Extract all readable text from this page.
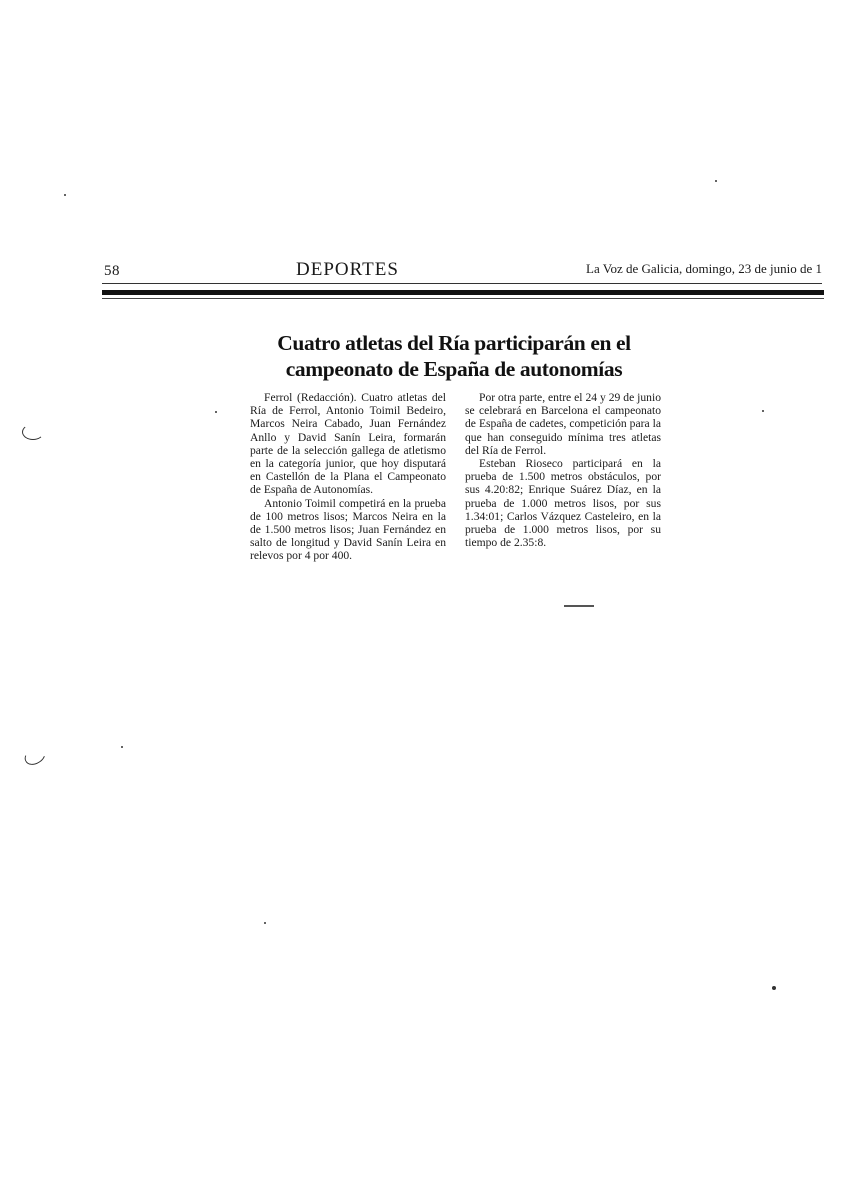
58	DEPORTES	La Voz de Galicia, domingo, 23 de junio de 1
Cuatro atletas del Ría participarán en el
campeonato de España de autonomías

Ferrol (Redacción). Cuatro atletas del Ría de Ferrol, Antonio Toimil Bedeiro, Marcos Neira Cabado, Juan Fernández Anllo y David Sanín Leira, formarán parte de la selección gallega de atletismo en la categoría junior, que hoy disputará en Castellón de la Plana el Campeonato de España de Autonomías.

Antonio Toimil competirá en la prueba de 100 metros lisos; Marcos Neira en la de 1.500 metros lisos; Juan Fernández en salto de longitud y David Sanín Leira en relevos por 4 por 400.

Por otra parte, entre el 24 y 29 de junio se celebrará en Barcelona el campeonato de España de cadetes, competición para la que han conseguido mínima tres atletas del Ría de Ferrol.

Esteban Rioseco participará en la prueba de 1.500 metros obstáculos, por sus 4.20:82; Enrique Suárez Díaz, en la prueba de 1.000 metros lisos, por sus 1.34:01; Carlos Vázquez Casteleiro, en la prueba de 1.000 metros lisos, por su tiempo de 2.35:8.
